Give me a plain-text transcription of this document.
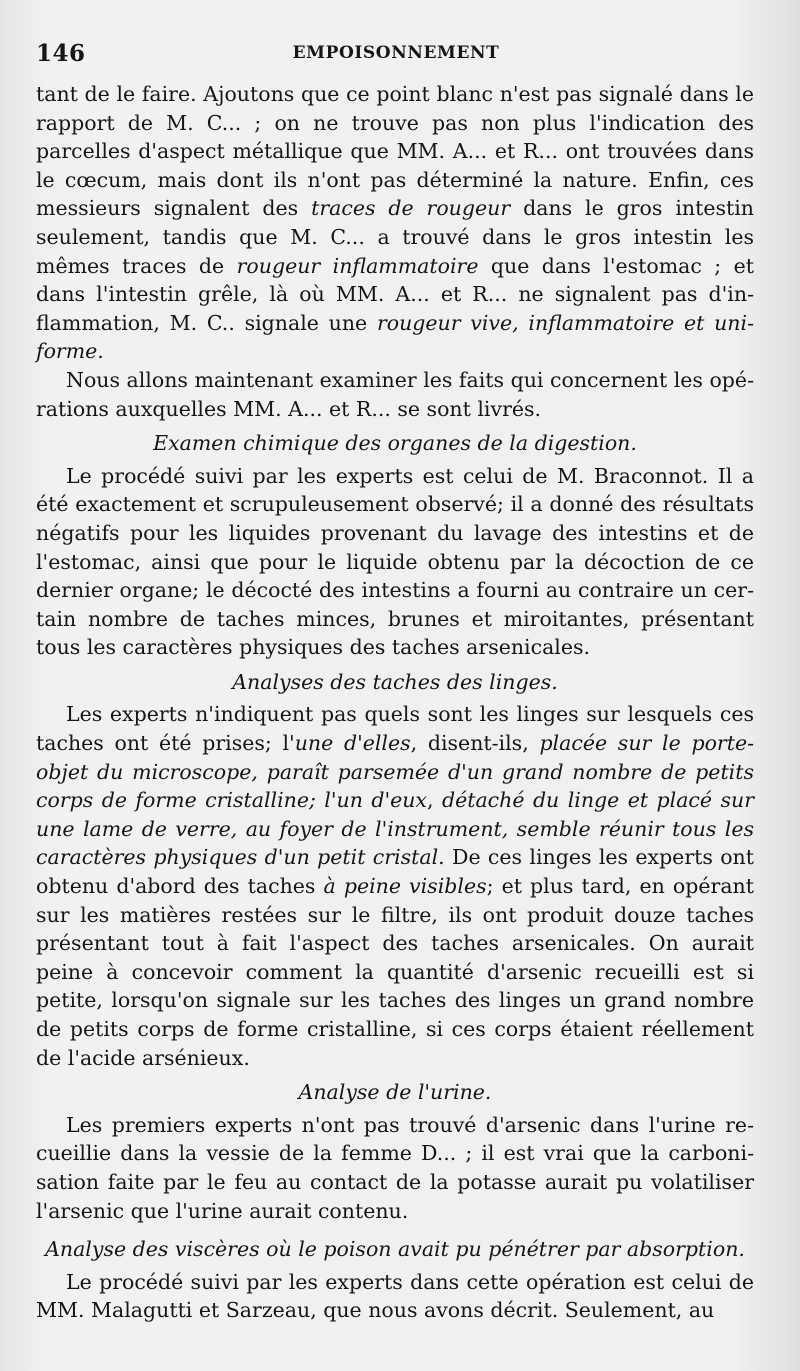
146	EMPOISONNEMENT

tant de le faire. Ajoutons que ce point blanc n'est pas signalé dans le rapport de M. C... ; on ne trouve pas non plus l'indication des parcelles d'aspect métallique que MM. A... et R... ont trouvées dans le cœcum, mais dont ils n'ont pas déterminé la nature. Enfin, ces messieurs signalent des traces de rougeur dans le gros intestin seulement, tandis que M. C... a trouvé dans le gros intestin les mêmes traces de rougeur inflammatoire que dans l'estomac ; et dans l'intestin grêle, là où MM. A... et R... ne signalent pas d'inflammation, M. C.. signale une rougeur vive, inflammatoire et uniforme.

Nous allons maintenant examiner les faits qui concernent les opérations auxquelles MM. A... et R... se sont livrés.

Examen chimique des organes de la digestion.

Le procédé suivi par les experts est celui de M. Braconnot. Il a été exactement et scrupuleusement observé; il a donné des résultats négatifs pour les liquides provenant du lavage des intestins et de l'estomac, ainsi que pour le liquide obtenu par la décoction de ce dernier organe; le décocté des intestins a fourni au contraire un certain nombre de taches minces, brunes et miroitantes, présentant tous les caractères physiques des taches arsenicales.

Analyses des taches des linges.

Les experts n'indiquent pas quels sont les linges sur lesquels ces taches ont été prises; l'une d'elles, disent-ils, placée sur le porte-objet du microscope, paraît parsemée d'un grand nombre de petits corps de forme cristalline; l'un d'eux, détaché du linge et placé sur une lame de verre, au foyer de l'instrument, semble réunir tous les caractères physiques d'un petit cristal. De ces linges les experts ont obtenu d'abord des taches à peine visibles; et plus tard, en opérant sur les matières restées sur le filtre, ils ont produit douze taches présentant tout à fait l'aspect des taches arsenicales. On aurait peine à concevoir comment la quantité d'arsenic recueilli est si petite, lorsqu'on signale sur les taches des linges un grand nombre de petits corps de forme cristalline, si ces corps étaient réellement de l'acide arsénieux.

Analyse de l'urine.

Les premiers experts n'ont pas trouvé d'arsenic dans l'urine recueillie dans la vessie de la femme D... ; il est vrai que la carbonisation faite par le feu au contact de la potasse aurait pu volatiliser l'arsenic que l'urine aurait contenu.

Analyse des viscères où le poison avait pu pénétrer par absorption.

Le procédé suivi par les experts dans cette opération est celui de MM. Malagutti et Sarzeau, que nous avons décrit. Seulement, au
